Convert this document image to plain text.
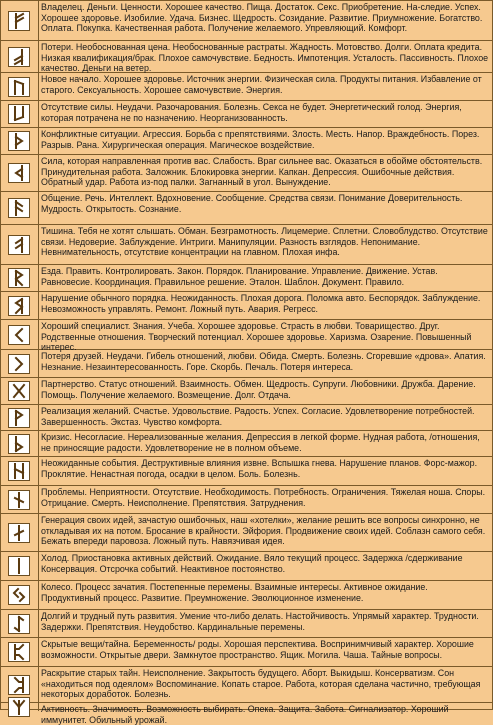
Владелец. Деньги. Ценности. Хорошее качество. Пища. Достаток. Секс. Приобретение. На-следие. Успех. Хорошее здоровье. Изобилие. Удача. Бизнес. Щедрость. Созидание. Развитие. Приумножение. Богатство. Оплата. Покупка. Качественная работа. Получение желаемого. Упревляющий. Комфорт.
Потери. Необоснованная цена. Необоснованные растраты. Жадность. Мотовство. Долги. Оплата кредита. Низкая квалификация/брак. Плохое самочувствие. Бедность. Импотенция. Усталость. Пассивность. Плохое качество. Деньги на ветер.
Новое начало. Хорошее здоровье. Источник энергии. Физическая сила. Продукты питания. Избавление от старого. Сексуальность. Хорошее самочувствие. Энергия.
Отсутствие силы. Неудачи. Разочарования. Болезнь. Секса не будет. Энергетический голод. Энергия, которая потрачена не по назначению. Неорганизованность.
Конфликтные ситуации. Агрессия. Борьба с препятствиями. Злость. Месть. Напор. Враждебность. Порез. Разрыв. Рана. Хирургическая операция. Магическое воздействие.
Сила, которая направленная против вас. Слабость. Враг сильнее вас. Оказаться в обойме обстоятельств. Принудительная работа. Заложник. Блокировка энергии. Капкан. Депрессия. Ошибочные действия. Обратный удар. Работа из-под палки. Загнанный в угол. Вынуждение.
Общение. Речь. Интеллект. Вдохновение. Сообщение. Средства связи. Понимание Доверительность. Мудрость. Открытость. Сознание.
Тишина. Тебя не хотят слышать. Обман. Безграмотность. Лицемерие. Сплетни. Словоблудство. Отсутствие связи. Недоверие. Заблуждение. Интриги. Манипуляции. Разность взглядов. Непонимание. Невнимательность, отсутствие концентрации на главном. Плохая инфа.
Езда. Править. Контролировать. Закон. Порядок. Планирование. Управление. Движение. Устав. Равновесие. Координация. Правильное решение. Эталон. Шаблон. Документ. Правило.
Нарушение обычного порядка. Неожиданность. Плохая дорога. Поломка авто. Беспорядок. Заблуждение. Невозможность управлять. Ремонт. Ложный путь. Авария. Регресс.
Хороший специалист. Знания. Учеба. Хорошее здоровье. Страсть в любви. Товарищество. Друг. Родственные отношения. Творческий потенциал. Хорошее здоровье. Харизма. Озарение. Повышенный интерес.
Потеря друзей. Неудачи. Гибель отношений, любви. Обида. Смерть. Болезнь. Сгоревшие «дрова». Апатия. Незнание. Незаинтересованность. Горе. Скорбь. Печаль. Потеря интереса.
Партнерство. Статус отношений. Взаимность. Обмен. Щедрость. Супруги. Любовники. Дружба. Дарение. Помощь. Получение желаемого. Возмещение. Долг. Отдача.
Реализация желаний. Счастье. Удовольствие. Радость. Успех. Согласие. Удовлетворение потребностей. Завершенность. Экстаз. Чувство комфорта.
Кризис. Несогласие. Нереализованные желания. Депрессия в легкой форме. Нудная работа, /отношения, не приносящие радости. Удовлетворение не в полном объеме.
Неожиданные события. Деструктивные влияния извне. Вспышка гнева. Нарушение планов. Форс-мажор. Проклятие. Ненастная погода, осадки в целом. Боль. Болезнь.
Проблемы. Неприятности. Отсутствие. Необходимость. Потребность. Ограничения. Тяжелая ноша. Споры. Отрицание. Смерть. Неисполнение. Препятствия. Затруднения.
Генерация своих идей, зачастую ошибочных, наш «хотелки», желание решить все вопросы синхронно, не откладывая их на потом. Бросание в крайности. Эйфория. Продвижение своих идей. Соблазн самого себя. Бежать впереди паровоза. Ложный путь. Навязчивая идея.
Холод. Приостановка активных действий. Ожидание. Вяло текущий процесс. Задержка /сдерживание Консервация. Отсрочка событий. Неактивное постоянство.
Колесо. Процесс зачатия. Постепенные перемены. Взаимные интересы. Активное ожидание. Продуктивный процесс. Развитие. Преумножение. Эволюционное изменение.
Долгий и трудный путь развития. Умение что-либо делать. Настойчивость. Упрямый характер. Трудности. Задержки. Препятствия. Неудобство. Кардинальные перемены.
Скрытые вещи/тайна. Беременность/ роды. Хорошая перспектива. Воспринимчивый характер. Хорошие возможности. Открытые двери. Замкнутое пространство. Ящик. Могила. Чаша. Тайные вопросы.
Раскрытие старых тайн. Неисполнение. Закрытость будущего. Аборт. Выкидыш. Консерватизм. Сон «находиться под одеялом» Воспоминание. Копать старое. Работа, которая сделана частично, требующая некоторых доработок. Болезнь.
Активность. Значимость. Возможность выбирать. Опека. Защита. Забота. Сигнализатор. Хороший иммунитет. Обильный урожай.
